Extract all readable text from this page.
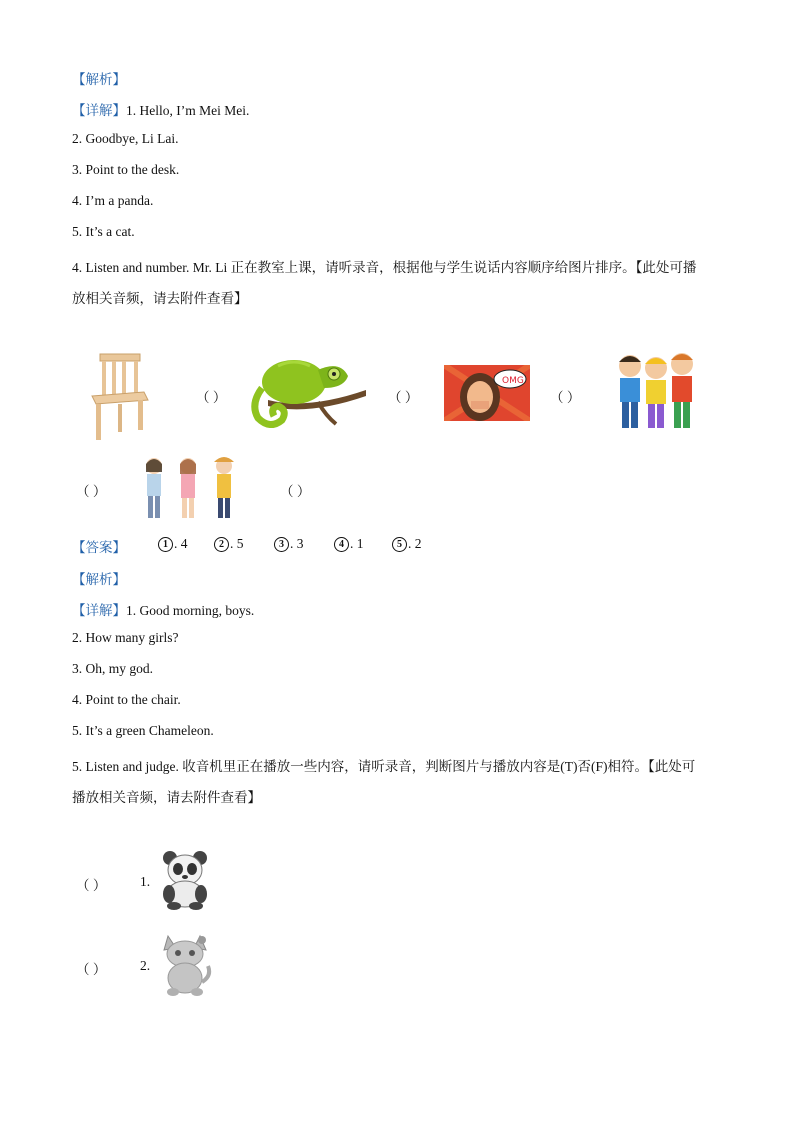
【解析】
【详解】1. Hello, I’m Mei Mei.
2. Goodbye, Li Lai.
3. Point to the desk.
4. I’m a panda.
5. It’s a cat.
4. Listen and number. Mr. Li 正在教室上课，请听录音，根据他与学生说话内容顺序给图片排序。【此处可播
放相关音频，请去附件查看】
（ ）	（ ）
OMG
（ ）
（ ）	（ ）
【答案】	1 . 4	2 . 5	3 . 3	4 . 1	5 . 2
【解析】
【详解】1. Good morning, boys.
2. How many girls?
3. Oh, my god.
4. Point to the chair.
5. It’s a green Chameleon.
5. Listen and judge. 收音机里正在播放一些内容，请听录音，判断图片与播放内容是(T)否(F)相符。【此处可
播放相关音频，请去附件查看】
（ ） 1.
（ ） 2.
